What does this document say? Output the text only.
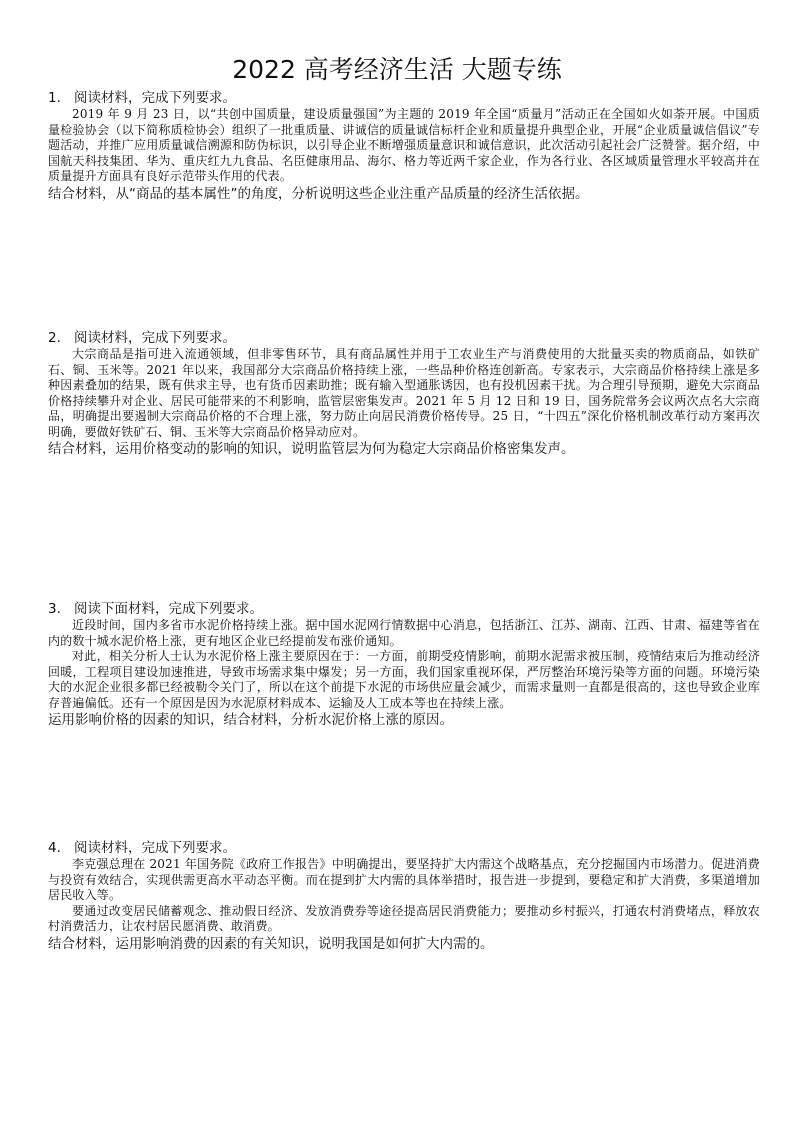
2022 高考经济生活 大题专练
1. 阅读材料，完成下列要求。

2019 年 9 月 23 日，以“共创中国质量，建设质量强国”为主题的 2019 年全国“质量月”活动正在全国如火如荼开展。中国质量检验协会（以下简称质检协会）组织了一批重质量、讲诚信的质量诚信标杆企业和质量提升典型企业，开展“企业质量诚信倡议”专题活动，并推广应用质量诚信溯源和防伪标识，以引导企业不断增强质量意识和诚信意识，此次活动引起社会广泛赞誉。据介绍，中国航天科技集团、华为、重庆红九九食品、名臣健康用品、海尔、格力等近两千家企业，作为各行业、各区域质量管理水平较高并在质量提升方面具有良好示范带头作用的代表。

结合材料，从“商品的基本属性”的角度，分析说明这些企业注重产品质量的经济生活依据。
2. 阅读材料，完成下列要求。

大宗商品是指可进入流通领域，但非零售环节，具有商品属性并用于工农业生产与消费使用的大批量买卖的物质商品，如铁矿石、铜、玉米等。2021 年以来，我国部分大宗商品价格持续上涨，一些品种价格连创新高。专家表示，大宗商品价格持续上涨是多种因素叠加的结果，既有供求主导，也有货币因素助推；既有输入型通胀诱因，也有投机因素干扰。为合理引导预期，避免大宗商品价格持续攀升对企业、居民可能带来的不利影响，监管层密集发声。2021 年 5 月 12 日和 19 日，国务院常务会议两次点名大宗商品，明确提出要遏制大宗商品价格的不合理上涨，努力防止向居民消费价格传导。25 日，“十四五”深化价格机制改革行动方案再次明确，要做好铁矿石、铜、玉米等大宗商品价格异动应对。

结合材料，运用价格变动的影响的知识，说明监管层为何为稳定大宗商品价格密集发声。
3. 阅读下面材料，完成下列要求。

近段时间，国内多省市水泥价格持续上涨。据中国水泥网行情数据中心消息，包括浙江、江苏、湖南、江西、甘肃、福建等省在内的数十城水泥价格上涨，更有地区企业已经提前发布涨价通知。

对此，相关分析人士认为水泥价格上涨主要原因在于：一方面，前期受疫情影响，前期水泥需求被压制，疫情结束后为推动经济回暖，工程项目建设加速推进，导致市场需求集中爆发；另一方面，我们国家重视环保，严厉整治环境污染等方面的问题。环境污染大的水泥企业很多都已经被勒令关门了，所以在这个前提下水泥的市场供应量会减少，而需求量则一直都是很高的，这也导致企业库存普遍偏低。还有一个原因是因为水泥原材料成本、运输及人工成本等也在持续上涨。

运用影响价格的因素的知识，结合材料，分析水泥价格上涨的原因。
4. 阅读材料，完成下列要求。

李克强总理在 2021 年国务院《政府工作报告》中明确提出，要坚持扩大内需这个战略基点，充分挖掘国内市场潜力。促进消费与投资有效结合，实现供需更高水平动态平衡。而在提到扩大内需的具体举措时，报告进一步提到，要稳定和扩大消费，多渠道增加居民收入等。

要通过改变居民储蓄观念、推动假日经济、发放消费券等途径提高居民消费能力；要推动乡村振兴，打通农村消费堵点，释放农村消费活力，让农村居民愿消费、敢消费。

结合材料，运用影响消费的因素的有关知识，说明我国是如何扩大内需的。
